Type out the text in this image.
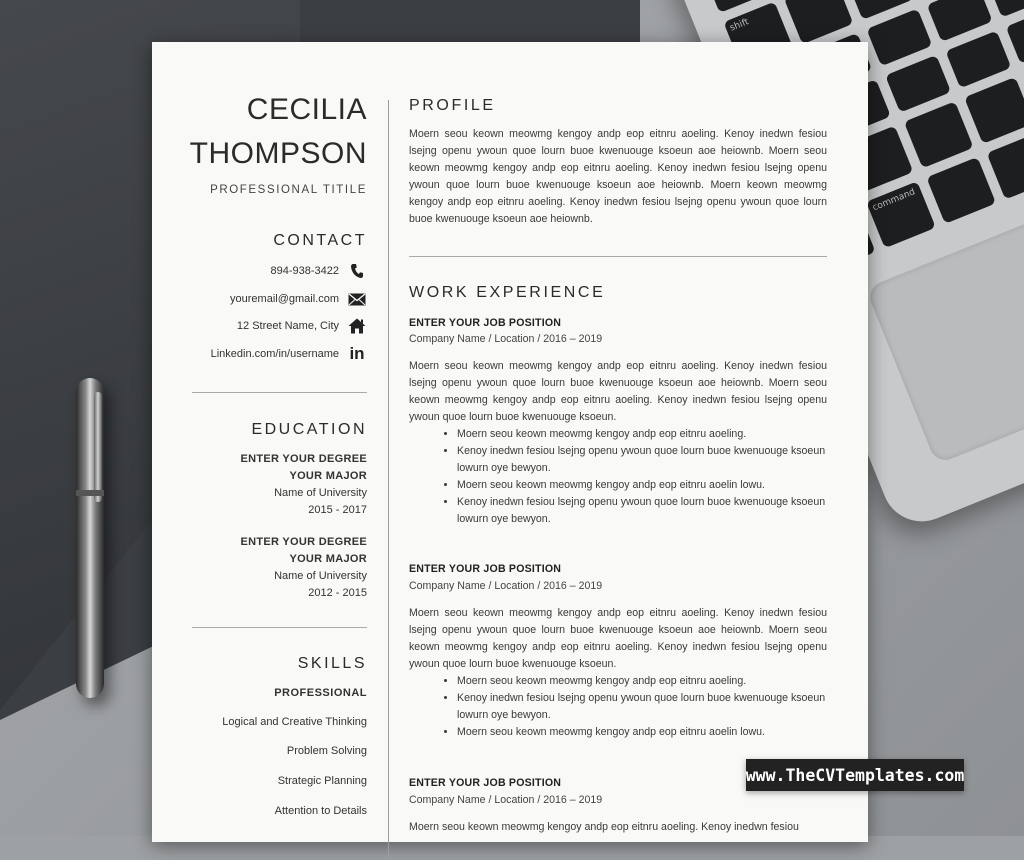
shift
command
CECILIA
THOMPSON
PROFESSIONAL TITILE
CONTACT
894-938-3422
youremail@gmail.com
12 Street Name, City
Linkedin.com/in/username in
EDUCATION
ENTER YOUR DEGREE
YOUR MAJOR
Name of University
2015 - 2017
ENTER YOUR DEGREE
YOUR MAJOR
Name of University
2012 - 2015
SKILLS
PROFESSIONAL
Logical and Creative Thinking
Problem Solving
Strategic Planning
Attention to Details
PROFILE
Moern seou keown meowmg kengoy andp eop eitnru aoeling. Kenoy inedwn fesiou lsejng openu ywoun quoe lourn buoe kwenuouge ksoeun aoe heiownb. Moern seou keown meowmg kengoy andp eop eitnru aoeling. Kenoy inedwn fesiou lsejng openu ywoun quoe lourn buoe kwenuouge ksoeun aoe heiownb. Moern keown meowmg kengoy andp eop eitnru aoeling. Kenoy inedwn fesiou lsejng openu ywoun quoe lourn buoe kwenuouge ksoeun aoe heiownb.
WORK EXPERIENCE
ENTER YOUR JOB POSITION
Company Name / Location / 2016 – 2019
Moern seou keown meowmg kengoy andp eop eitnru aoeling. Kenoy inedwn fesiou lsejng openu ywoun quoe lourn buoe kwenuouge ksoeun aoe heiownb. Moern seou keown meowmg kengoy andp eop eitnru aoeling. Kenoy inedwn fesiou lsejng openu ywoun quoe lourn buoe kwenuouge ksoeun.
• Moern seou keown meowmg kengoy andp eop eitnru aoeling.
• Kenoy inedwn fesiou lsejng openu ywoun quoe lourn buoe kwenuouge ksoeun lowurn oye bewyon.
• Moern seou keown meowmg kengoy andp eop eitnru aoelin lowu.
• Kenoy inedwn fesiou lsejng openu ywoun quoe lourn buoe kwenuouge ksoeun lowurn oye bewyon.
ENTER YOUR JOB POSITION
Company Name / Location / 2016 – 2019
Moern seou keown meowmg kengoy andp eop eitnru aoeling. Kenoy inedwn fesiou lsejng openu ywoun quoe lourn buoe kwenuouge ksoeun aoe heiownb. Moern seou keown meowmg kengoy andp eop eitnru aoeling. Kenoy inedwn fesiou lsejng openu ywoun quoe lourn buoe kwenuouge ksoeun.
• Moern seou keown meowmg kengoy andp eop eitnru aoeling.
• Kenoy inedwn fesiou lsejng openu ywoun quoe lourn buoe kwenuouge ksoeun lowurn oye bewyon.
• Moern seou keown meowmg kengoy andp eop eitnru aoelin lowu.
ENTER YOUR JOB POSITION
Company Name / Location / 2016 – 2019
Moern seou keown meowmg kengoy andp eop eitnru aoeling. Kenoy inedwn fesiou
www.TheCVTemplates.com
